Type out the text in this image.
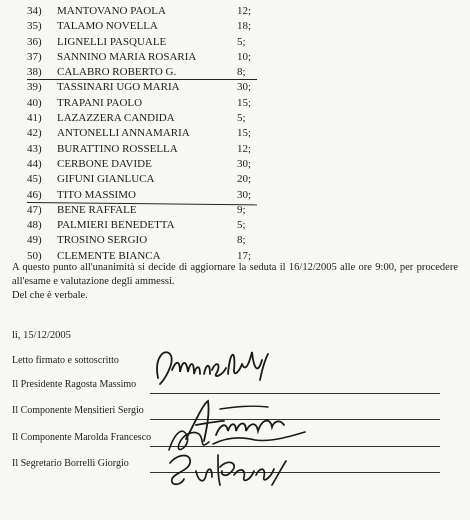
34) MANTOVANO PAOLA	12;
35) TALAMO NOVELLA	18;
36) LIGNELLI PASQUALE	5;
37) SANNINO MARIA ROSARIA	10;
38) CALABRO ROBERTO G.	8;
39) TASSINARI UGO MARIA	30;
40) TRAPANI PAOLO	15;
41) LAZAZZERA CANDIDA	5;
42) ANTONELLI ANNAMARIA	15;
43) BURATTINO ROSSELLA	12;
44) CERBONE DAVIDE	30;
45) GIFUNI GIANLUCA	20;
46) TITO MASSIMO	30;
47) BENE RAFFALE	9;
48) PALMIERI BENEDETTA	5;
49) TROSINO SERGIO	8;
50) CLEMENTE BIANCA	17;

A questo punto all'unanimità si decide di aggiornare la seduta il 16/12/2005 alle ore 9:00, per procedere all'esame e valutazione degli ammessi.

Del che è verbale.

li, 15/12/2005
Letto firmato e sottoscritto
Il Presidente Ragosta Massimo
Il Componente Mensitieri Sergio
Il Componente Marolda Francesco
Il Segretario Borrelli Giorgio
